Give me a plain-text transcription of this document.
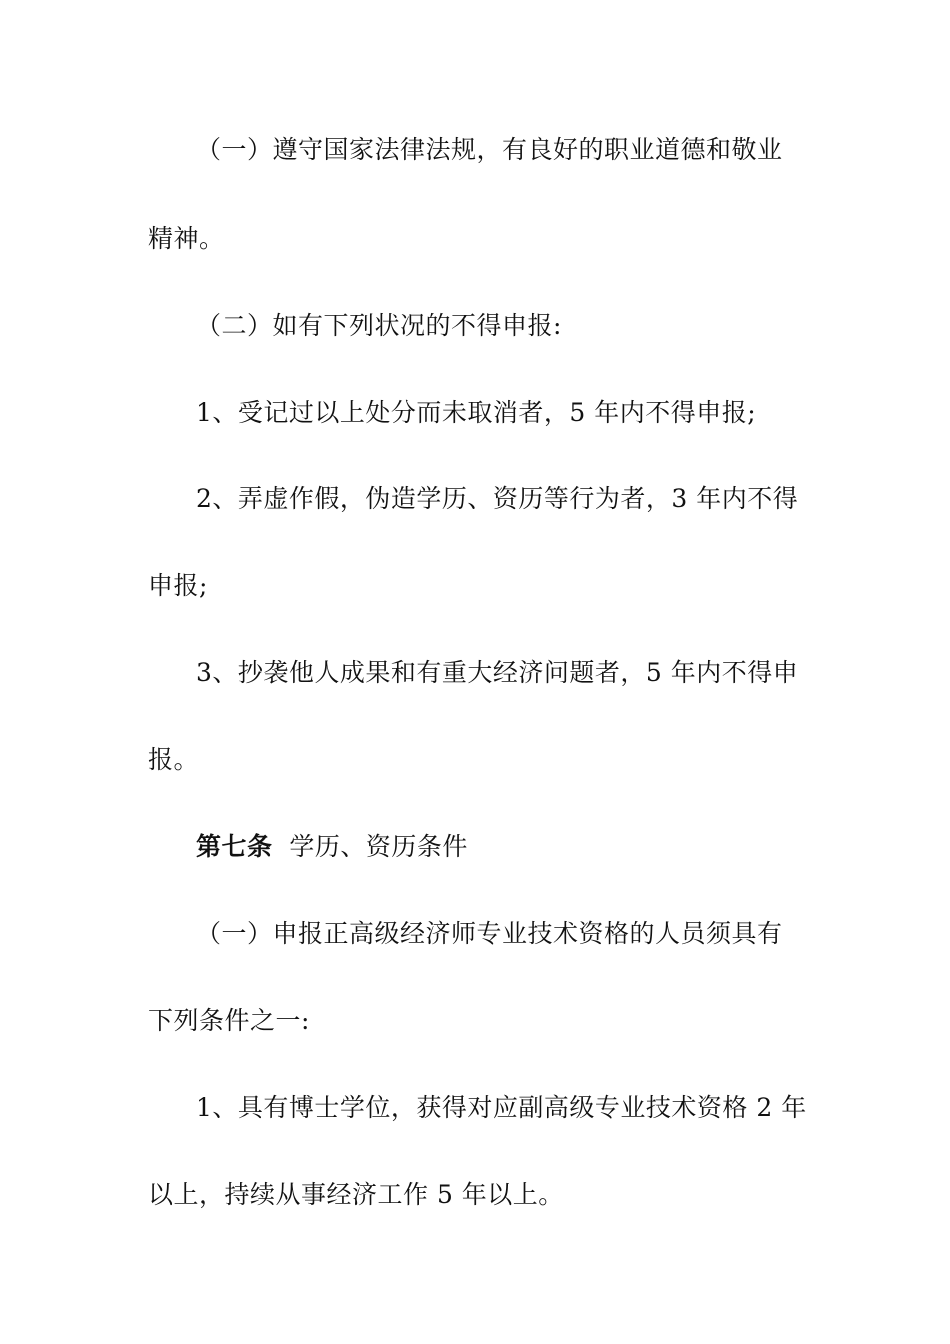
（一）遵守国家法律法规，有良好的职业道德和敬业
精神。
（二）如有下列状况的不得申报:
1、受记过以上处分而未取消者，5 年内不得申报;
2、弄虚作假，伪造学历、资历等行为者，3 年内不得
申报;
3、抄袭他人成果和有重大经济问题者，5 年内不得申
报。
第七条 学历、资历条件
（一）申报正高级经济师专业技术资格的人员须具有
下列条件之一:
1、具有博士学位，获得对应副高级专业技术资格 2 年
以上，持续从事经济工作 5 年以上。
